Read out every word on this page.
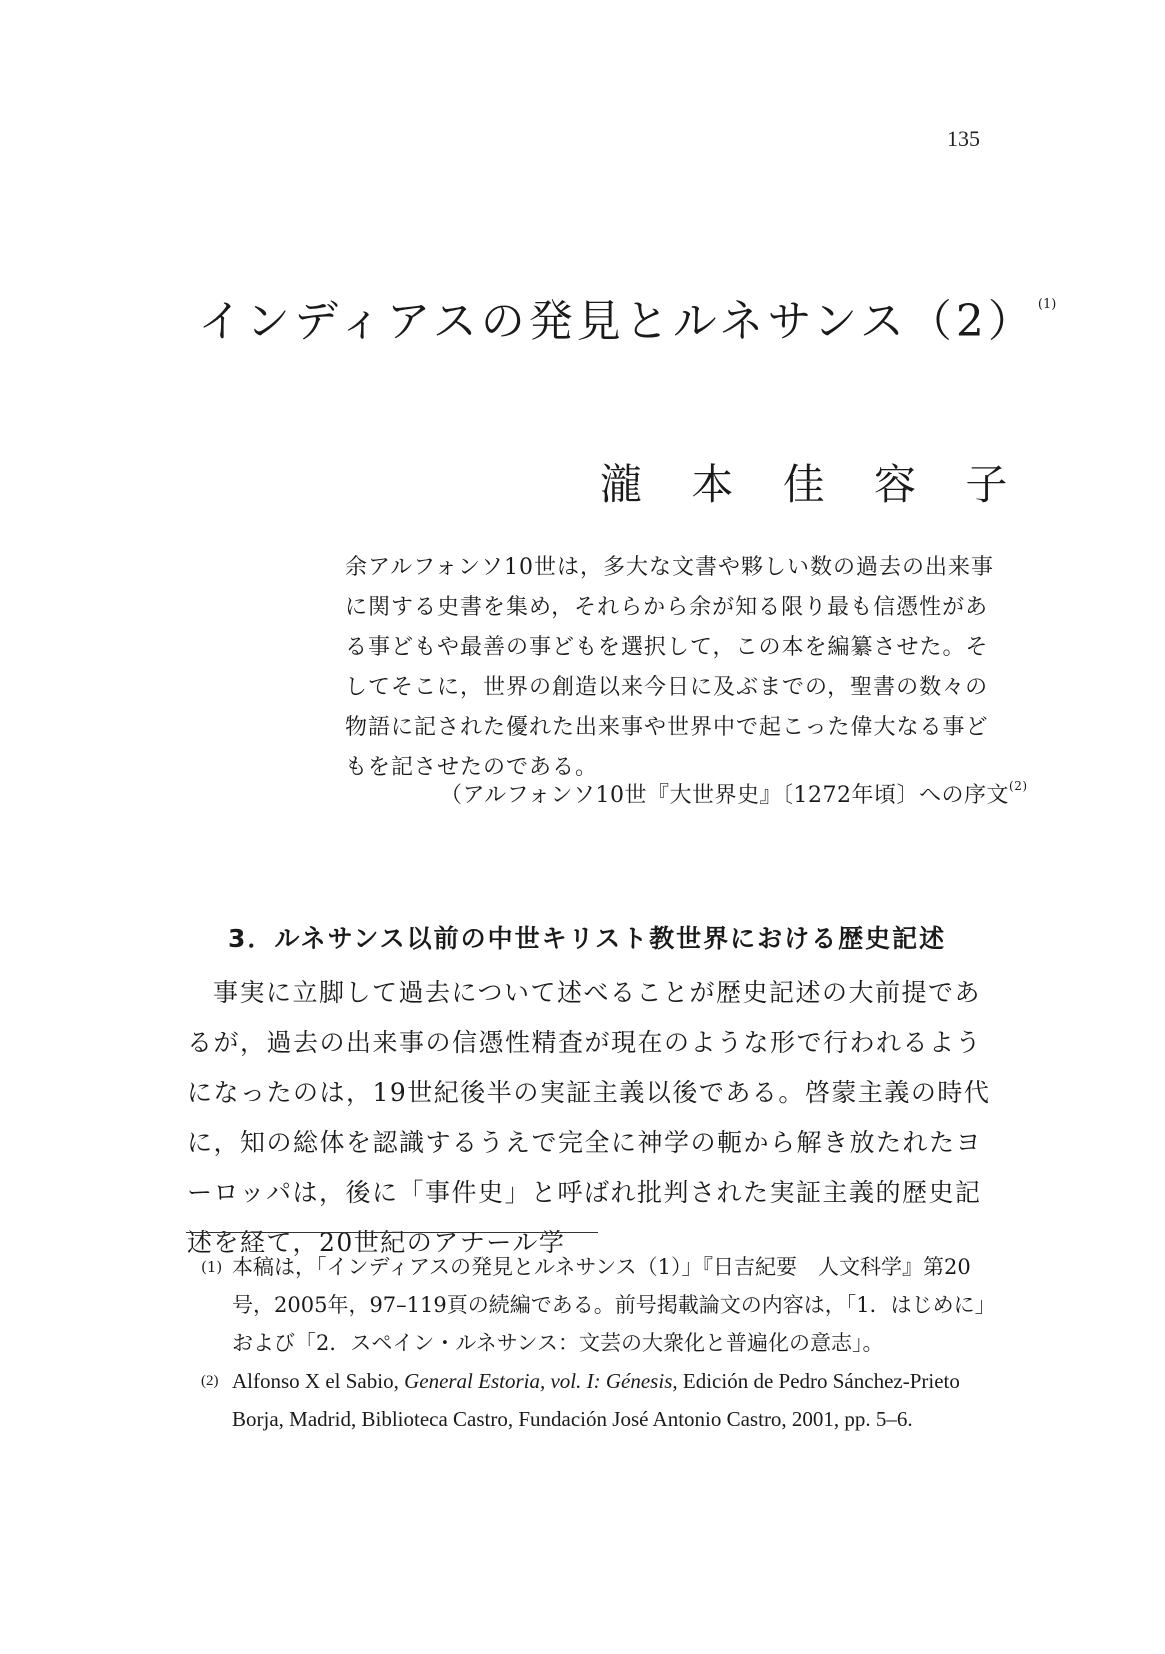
135
インディアスの発見とルネサンス（2） $^{(1)}$
瀧 本 佳 容 子
余アルフォンソ10世は，多大な文書や夥しい数の過去の出来事に関する史書を集め，それらから余が知る限り最も信憑性がある事どもや最善の事どもを選択して，この本を編纂させた。そしてそこに，世界の創造以来今日に及ぶまでの，聖書の数々の物語に記された優れた出来事や世界中で起こった偉大なる事どもを記させたのである。
（アルフォンソ10世『大世界史』〔1272年頃〕への序文$^{(2)}$
3．ルネサンス以前の中世キリスト教世界における歴史記述
事実に立脚して過去について述べることが歴史記述の大前提であるが，過去の出来事の信憑性精査が現在のような形で行われるようになったのは，19世紀後半の実証主義以後である。啓蒙主義の時代に，知の総体を認識するうえで完全に神学の軛から解き放たれたヨーロッパは，後に「事件史」と呼ばれ批判された実証主義的歴史記述を経て，20世紀のアナール学
(1) 本稿は，「インディアスの発見とルネサンス（1）」『日吉紀要　人文科学』第20号，2005年，97–119頁の続編である。前号掲載論文の内容は，「1．はじめに」および「2．スペイン・ルネサンス：文芸の大衆化と普遍化の意志」。
(2) Alfonso X el Sabio, General Estoria, vol. I: Génesis, Edición de Pedro Sánchez-Prieto Borja, Madrid, Biblioteca Castro, Fundación José Antonio Castro, 2001, pp. 5–6.
